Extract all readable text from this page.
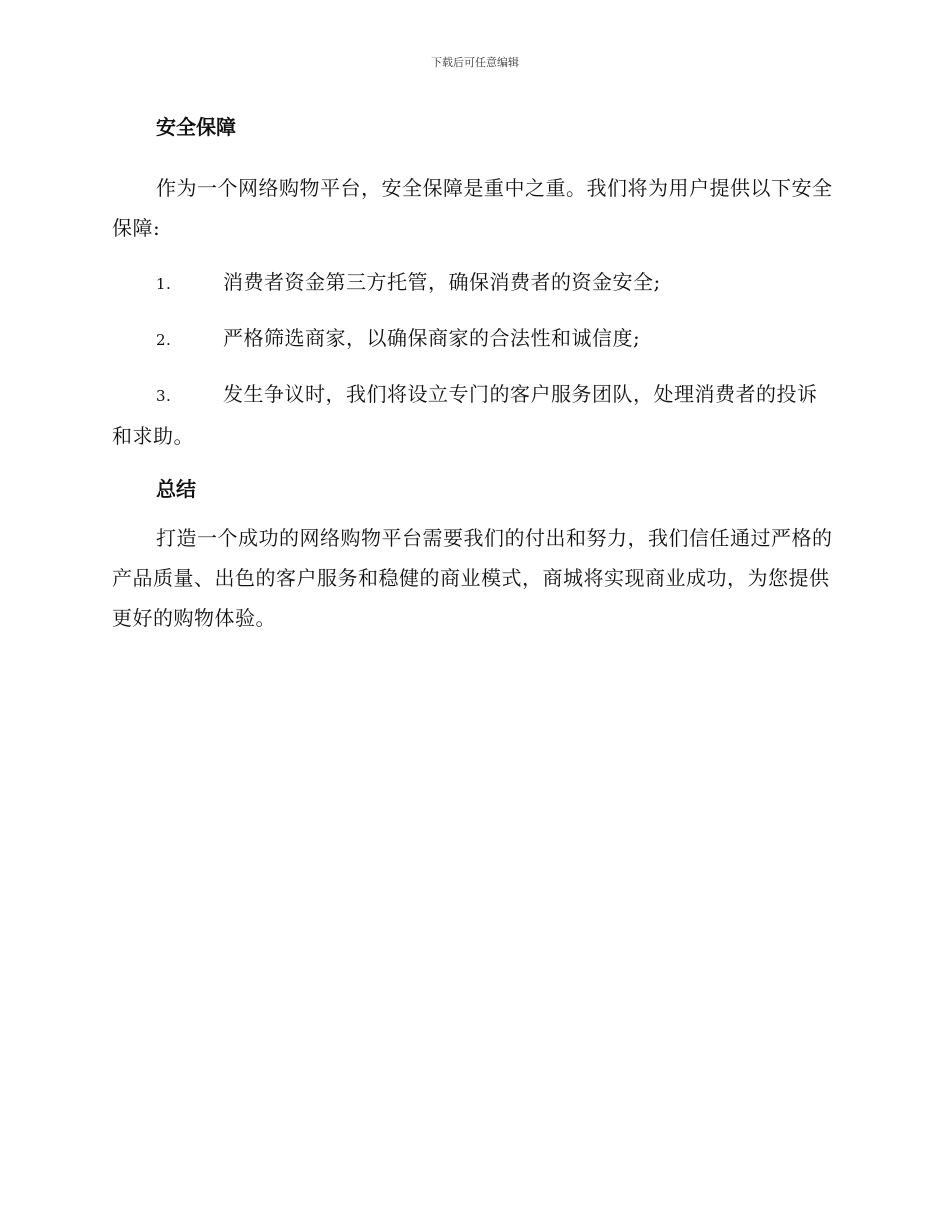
下载后可任意编辑
安全保障

作为一个网络购物平台，安全保障是重中之重。我们将为用户提供以下安全保障:

1.	消费者资金第三方托管，确保消费者的资金安全;
2.	严格筛选商家，以确保商家的合法性和诚信度;
3.	发生争议时，我们将设立专门的客户服务团队，处理消费者的投诉和求助。
总结

打造一个成功的网络购物平台需要我们的付出和努力，我们信任通过严格的产品质量、出色的客户服务和稳健的商业模式，商城将实现商业成功，为您提供更好的购物体验。
